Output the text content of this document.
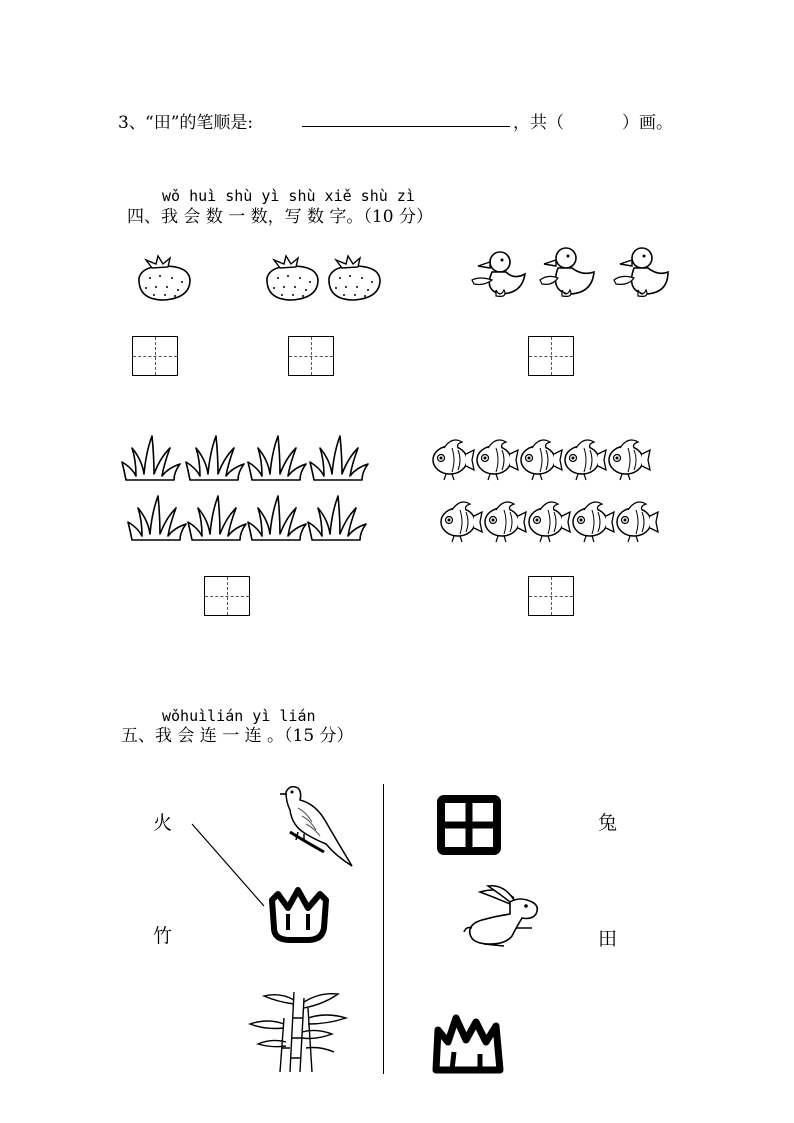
3、 “田”的笔顺是:	，共（	）画。
wǒ huì shù yì shù xiě shù zì
四、我 会 数 一 数，写 数 字。（10 分）
wǒhuìlián yì lián
五、我 会 连 一 连 。（15 分）
火
竹
兔
田
